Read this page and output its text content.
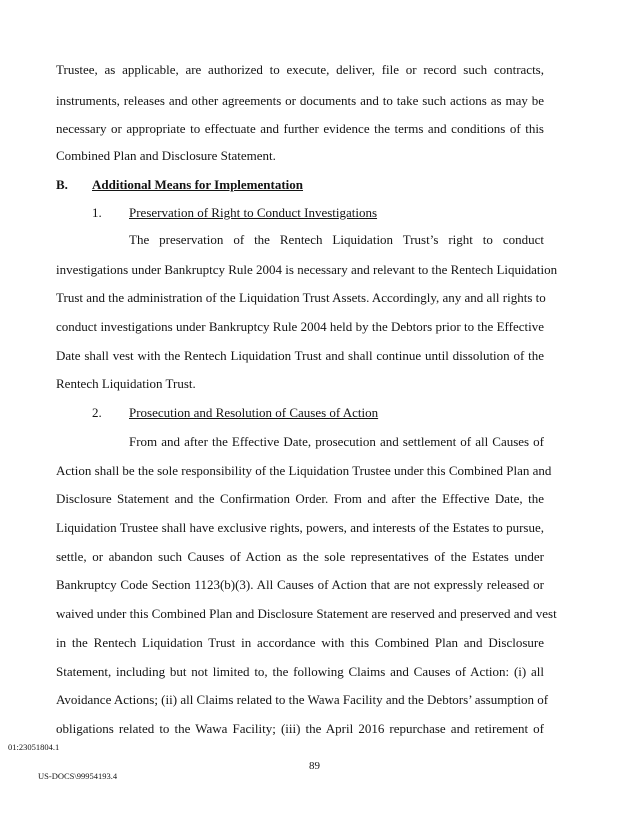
Trustee, as applicable, are authorized to execute, deliver, file or record such contracts,
instruments, releases and other agreements or documents and to take such actions as may be
necessary or appropriate to effectuate and further evidence the terms and conditions of this
Combined Plan and Disclosure Statement.
B. Additional Means for Implementation
1. Preservation of Right to Conduct Investigations
The preservation of the Rentech Liquidation Trust’s right to conduct
investigations under Bankruptcy Rule 2004 is necessary and relevant to the Rentech Liquidation
Trust and the administration of the Liquidation Trust Assets. Accordingly, any and all rights to
conduct investigations under Bankruptcy Rule 2004 held by the Debtors prior to the Effective
Date shall vest with the Rentech Liquidation Trust and shall continue until dissolution of the
Rentech Liquidation Trust.
2. Prosecution and Resolution of Causes of Action
From and after the Effective Date, prosecution and settlement of all Causes of
Action shall be the sole responsibility of the Liquidation Trustee under this Combined Plan and
Disclosure Statement and the Confirmation Order. From and after the Effective Date, the
Liquidation Trustee shall have exclusive rights, powers, and interests of the Estates to pursue,
settle, or abandon such Causes of Action as the sole representatives of the Estates under
Bankruptcy Code Section 1123(b)(3). All Causes of Action that are not expressly released or
waived under this Combined Plan and Disclosure Statement are reserved and preserved and vest
in the Rentech Liquidation Trust in accordance with this Combined Plan and Disclosure
Statement, including but not limited to, the following Claims and Causes of Action: (i) all
Avoidance Actions; (ii) all Claims related to the Wawa Facility and the Debtors’ assumption of
obligations related to the Wawa Facility; (iii) the April 2016 repurchase and retirement of
01:23051804.1
89
US-DOCS\99954193.4
